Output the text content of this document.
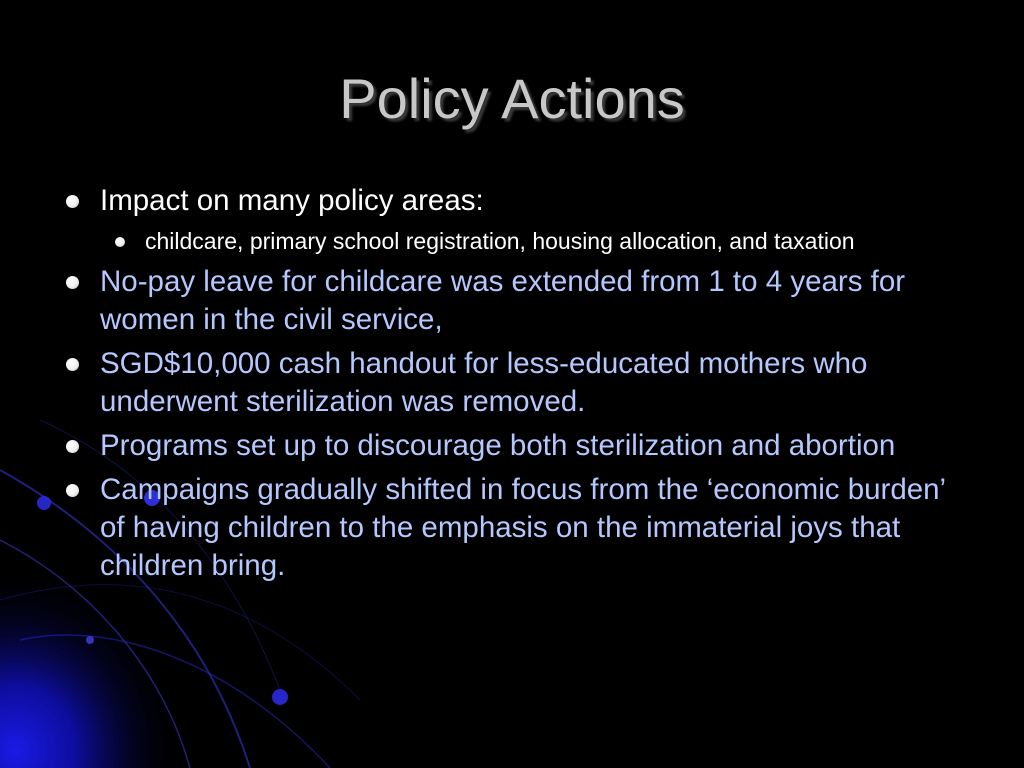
Policy Actions
Impact on many policy areas:
childcare, primary school registration, housing allocation, and taxation
No-pay leave for childcare was extended from 1 to 4 years for women in the civil service,
SGD$10,000 cash handout for less-educated mothers who underwent sterilization was removed.
Programs set up to discourage both sterilization and abortion
Campaigns gradually shifted in focus from the ‘economic burden’ of having children to the emphasis on the immaterial joys that children bring.
